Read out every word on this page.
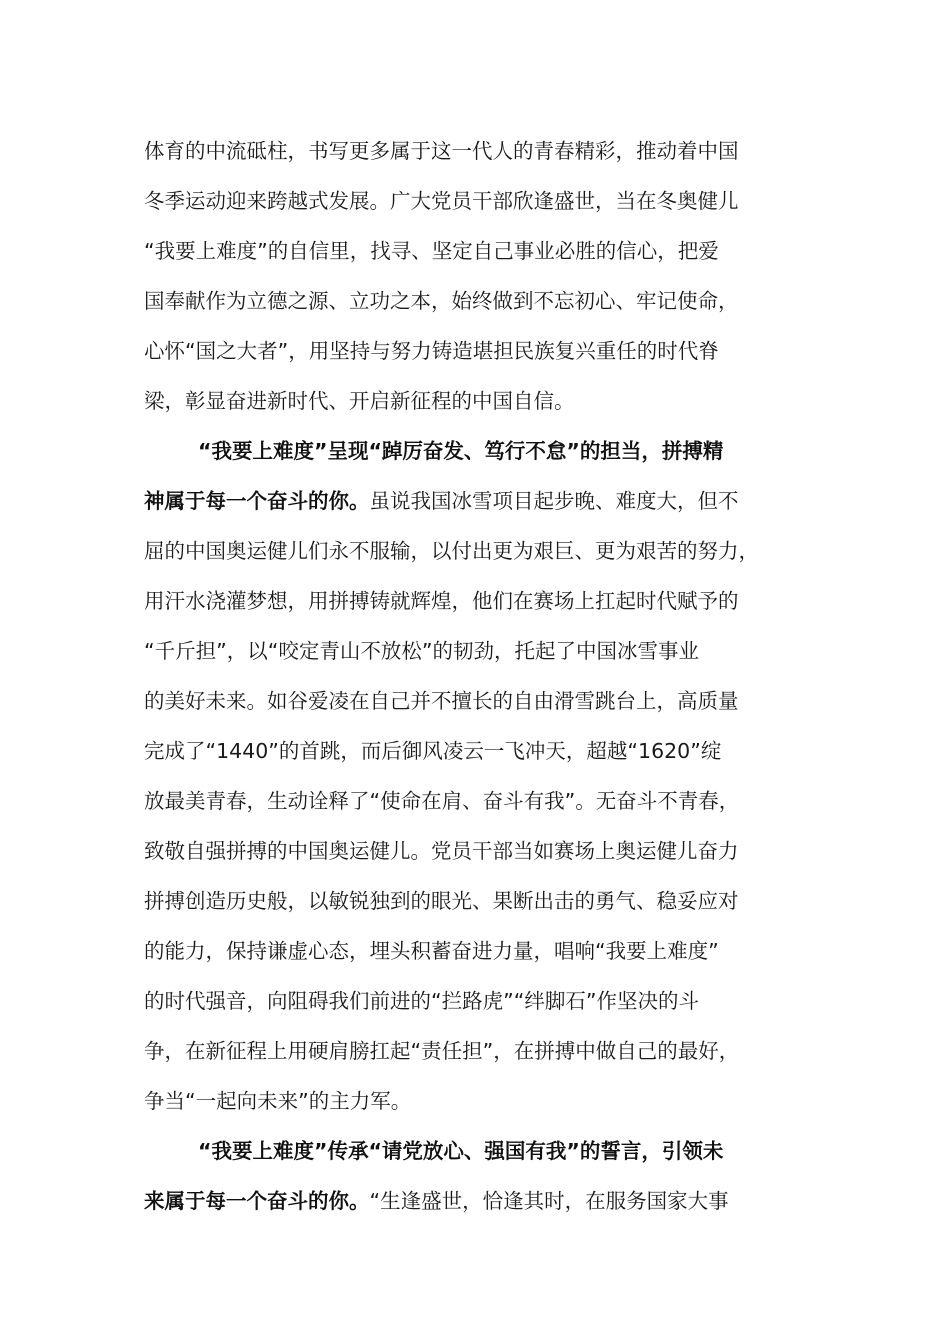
体育的中流砥柱，书写更多属于这一代人的青春精彩，推动着中国
冬季运动迎来跨越式发展。广大党员干部欣逢盛世，当在冬奥健儿
“我要上难度”的自信里，找寻、坚定自己事业必胜的信心，把爱
国奉献作为立德之源、立功之本，始终做到不忘初心、牢记使命，
心怀“国之大者”，用坚持与努力铸造堪担民族复兴重任的时代脊
梁，彰显奋进新时代、开启新征程的中国自信。
“我要上难度”呈现“踔厉奋发、笃行不怠”的担当，拼搏精
神属于每一个奋斗的你。虽说我国冰雪项目起步晚、难度大，但不
屈的中国奥运健儿们永不服输，以付出更为艰巨、更为艰苦的努力，
用汗水浇灌梦想，用拼搏铸就辉煌，他们在赛场上扛起时代赋予的
“千斤担”，以“咬定青山不放松”的韧劲，托起了中国冰雪事业
的美好未来。如谷爱凌在自己并不擅长的自由滑雪跳台上，高质量
完成了“1440”的首跳，而后御风凌云一飞冲天，超越“1620”绽
放最美青春，生动诠释了“使命在肩、奋斗有我”。无奋斗不青春，
致敬自强拼搏的中国奥运健儿。党员干部当如赛场上奥运健儿奋力
拼搏创造历史般，以敏锐独到的眼光、果断出击的勇气、稳妥应对
的能力，保持谦虚心态，埋头积蓄奋进力量，唱响“我要上难度”
的时代强音，向阻碍我们前进的“拦路虎”“绊脚石”作坚决的斗
争，在新征程上用硬肩膀扛起“责任担”，在拼搏中做自己的最好，
争当“一起向未来”的主力军。
“我要上难度”传承“请党放心、强国有我”的誓言，引领未
来属于每一个奋斗的你。“生逢盛世，恰逢其时，在服务国家大事
